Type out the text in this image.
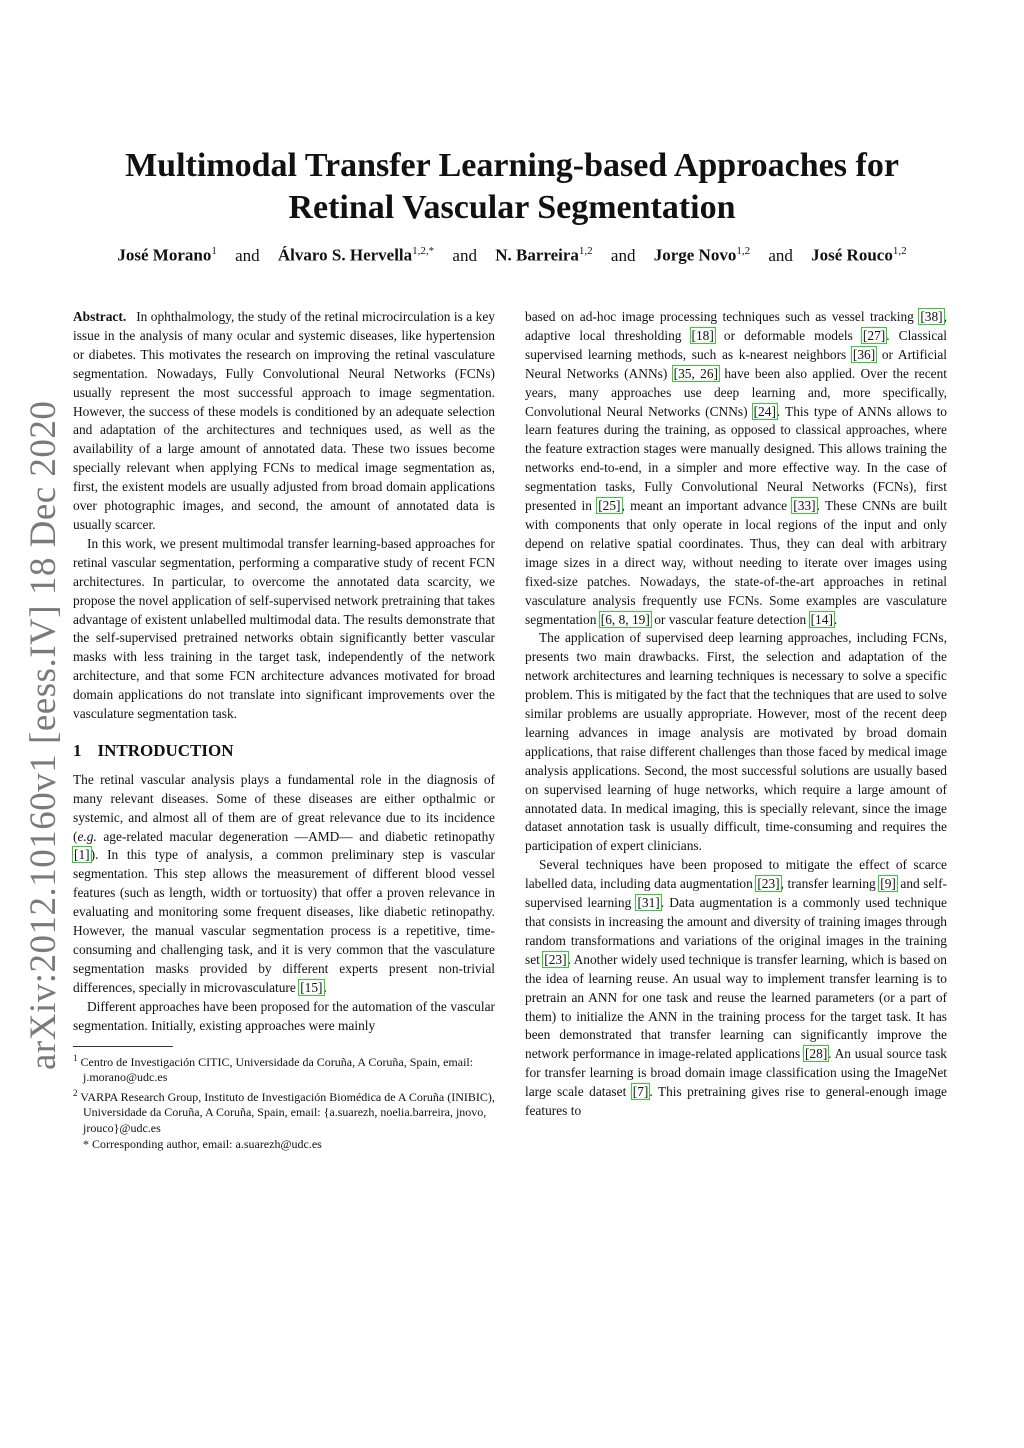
Multimodal Transfer Learning-based Approaches for
Retinal Vascular Segmentation
José Morano$^1$ and Álvaro S. Hervella$^{1,2,*}$ and N. Barreira$^{1,2}$ and Jorge Novo$^{1,2}$ and José Rouco$^{1,2}$
arXiv:2012.10160v1 [eess.IV] 18 Dec 2020

Abstract. In ophthalmology, the study of the retinal microcirculation is a key issue in the analysis of many ocular and systemic diseases, like hypertension or diabetes. This motivates the research on improving the retinal vasculature segmentation. Nowadays, Fully Convolutional Neural Networks (FCNs) usually represent the most successful approach to image segmentation. However, the success of these models is conditioned by an adequate selection and adaptation of the architectures and techniques used, as well as the availability of a large amount of annotated data. These two issues become specially relevant when applying FCNs to medical image segmentation as, first, the existent models are usually adjusted from broad domain applications over photographic images, and second, the amount of annotated data is usually scarcer.

In this work, we present multimodal transfer learning-based approaches for retinal vascular segmentation, performing a comparative study of recent FCN architectures. In particular, to overcome the annotated data scarcity, we propose the novel application of self-supervised network pretraining that takes advantage of existent unlabelled multimodal data. The results demonstrate that the self-supervised pretrained networks obtain significantly better vascular masks with less training in the target task, independently of the network architecture, and that some FCN architecture advances motivated for broad domain applications do not translate into significant improvements over the vasculature segmentation task.

1 INTRODUCTION

The retinal vascular analysis plays a fundamental role in the diagnosis of many relevant diseases. Some of these diseases are either opthalmic or systemic, and almost all of them are of great relevance due to its incidence (e.g. age-related macular degeneration —AMD— and diabetic retinopathy [1]). In this type of analysis, a common preliminary step is vascular segmentation. This step allows the measurement of different blood vessel features (such as length, width or tortuosity) that offer a proven relevance in evaluating and monitoring some frequent diseases, like diabetic retinopathy. However, the manual vascular segmentation process is a repetitive, time-consuming and challenging task, and it is very common that the vasculature segmentation masks provided by different experts present non-trivial differences, specially in microvasculature [15].

Different approaches have been proposed for the automation of the vascular segmentation. Initially, existing approaches were mainly

$^1$ Centro de Investigación CITIC, Universidade da Coruña, A Coruña, Spain, email: j.morano@udc.es
$^2$ VARPA Research Group, Instituto de Investigación Biomédica de A Coruña (INIBIC), Universidade da Coruña, A Coruña, Spain, email: {a.suarezh, noelia.barreira, jnovo, jrouco}@udc.es
* Corresponding author, email: a.suarezh@udc.es

based on ad-hoc image processing techniques such as vessel tracking [38], adaptive local thresholding [18] or deformable models [27]. Classical supervised learning methods, such as k-nearest neighbors [36] or Artificial Neural Networks (ANNs) [35, 26] have been also applied. Over the recent years, many approaches use deep learning and, more specifically, Convolutional Neural Networks (CNNs) [24]. This type of ANNs allows to learn features during the training, as opposed to classical approaches, where the feature extraction stages were manually designed. This allows training the networks end-to-end, in a simpler and more effective way. In the case of segmentation tasks, Fully Convolutional Neural Networks (FCNs), first presented in [25], meant an important advance [33]. These CNNs are built with components that only operate in local regions of the input and only depend on relative spatial coordinates. Thus, they can deal with arbitrary image sizes in a direct way, without needing to iterate over images using fixed-size patches. Nowadays, the state-of-the-art approaches in retinal vasculature analysis frequently use FCNs. Some examples are vasculature segmentation [6, 8, 19] or vascular feature detection [14].

The application of supervised deep learning approaches, including FCNs, presents two main drawbacks. First, the selection and adaptation of the network architectures and learning techniques is necessary to solve a specific problem. This is mitigated by the fact that the techniques that are used to solve similar problems are usually appropriate. However, most of the recent deep learning advances in image analysis are motivated by broad domain applications, that raise different challenges than those faced by medical image analysis applications. Second, the most successful solutions are usually based on supervised learning of huge networks, which require a large amount of annotated data. In medical imaging, this is specially relevant, since the image dataset annotation task is usually difficult, time-consuming and requires the participation of expert clinicians.

Several techniques have been proposed to mitigate the effect of scarce labelled data, including data augmentation [23], transfer learning [9] and self-supervised learning [31]. Data augmentation is a commonly used technique that consists in increasing the amount and diversity of training images through random transformations and variations of the original images in the training set [23]. Another widely used technique is transfer learning, which is based on the idea of learning reuse. An usual way to implement transfer learning is to pretrain an ANN for one task and reuse the learned parameters (or a part of them) to initialize the ANN in the training process for the target task. It has been demonstrated that transfer learning can significantly improve the network performance in image-related applications [28]. An usual source task for transfer learning is broad domain image classification using the ImageNet large scale dataset [7]. This pretraining gives rise to general-enough image features to
